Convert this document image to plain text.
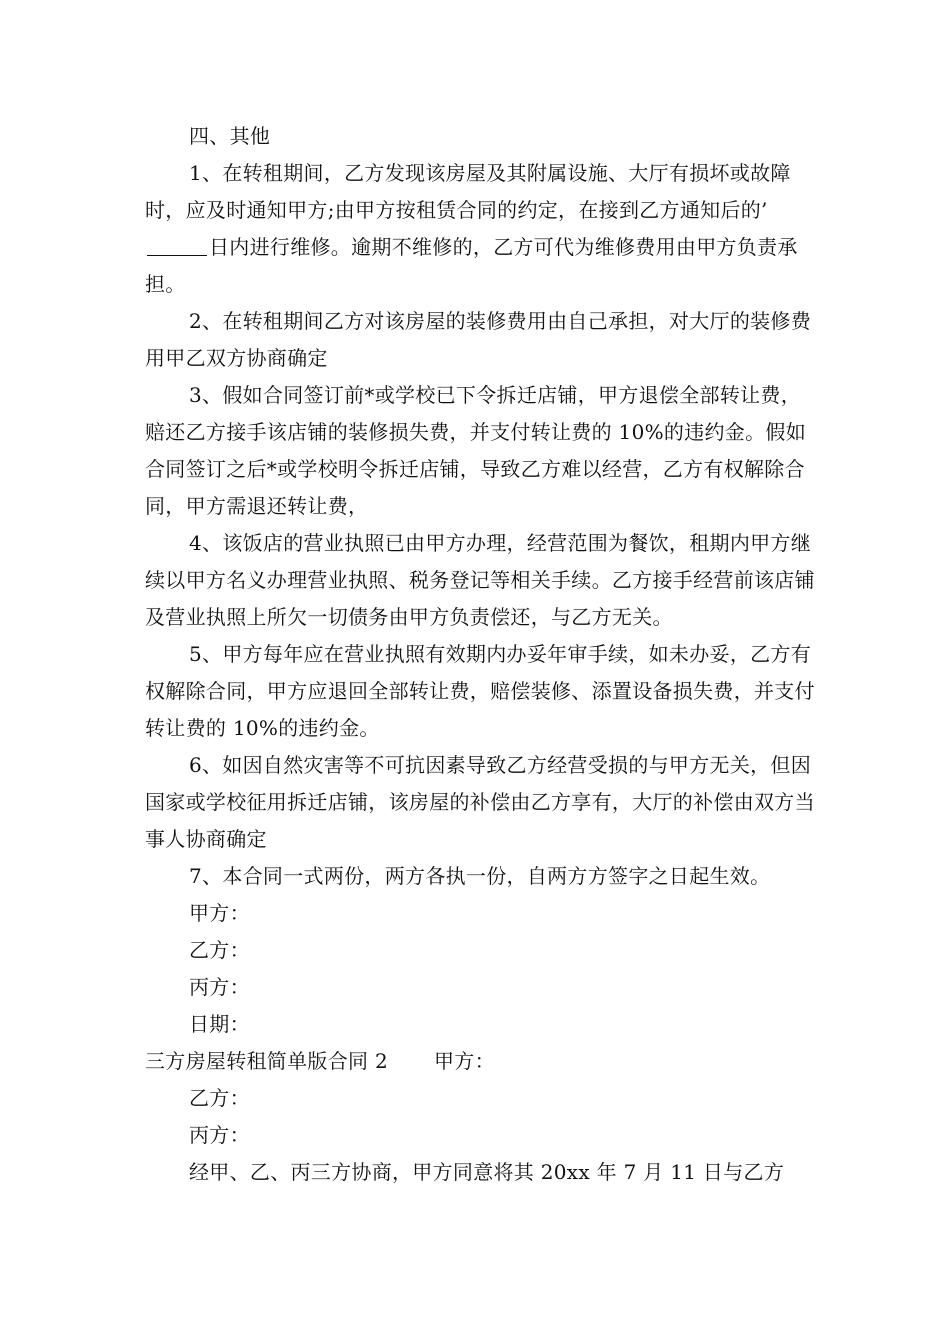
四、其他

1、在转租期间，乙方发现该房屋及其附属设施、大厅有损坏或故障时，应及时通知甲方;由甲方按租赁合同的约定，在接到乙方通知后的’日内进行维修。逾期不维修的，乙方可代为维修费用由甲方负责承担。

2、在转租期间乙方对该房屋的装修费用由自己承担，对大厅的装修费用甲乙双方协商确定

3、假如合同签订前*或学校已下令拆迁店铺，甲方退偿全部转让费，赔还乙方接手该店铺的装修损失费，并支付转让费的 10%的违约金。假如合同签订之后*或学校明令拆迁店铺，导致乙方难以经营，乙方有权解除合同，甲方需退还转让费，

4、该饭店的营业执照已由甲方办理，经营范围为餐饮，租期内甲方继续以甲方名义办理营业执照、税务登记等相关手续。乙方接手经营前该店铺及营业执照上所欠一切债务由甲方负责偿还，与乙方无关。

5、甲方每年应在营业执照有效期内办妥年审手续，如未办妥，乙方有权解除合同，甲方应退回全部转让费，赔偿装修、添置设备损失费，并支付转让费的 10%的违约金。

6、如因自然灾害等不可抗因素导致乙方经营受损的与甲方无关，但因国家或学校征用拆迁店铺，该房屋的补偿由乙方享有，大厅的补偿由双方当事人协商确定

7、本合同一式两份，两方各执一份，自两方方签字之日起生效。

甲方：

乙方：

丙方：

日期：

三方房屋转租简单版合同 2 甲方：

乙方：

丙方：

经甲、乙、丙三方协商，甲方同意将其 20xx 年 7 月 11 日与乙方
